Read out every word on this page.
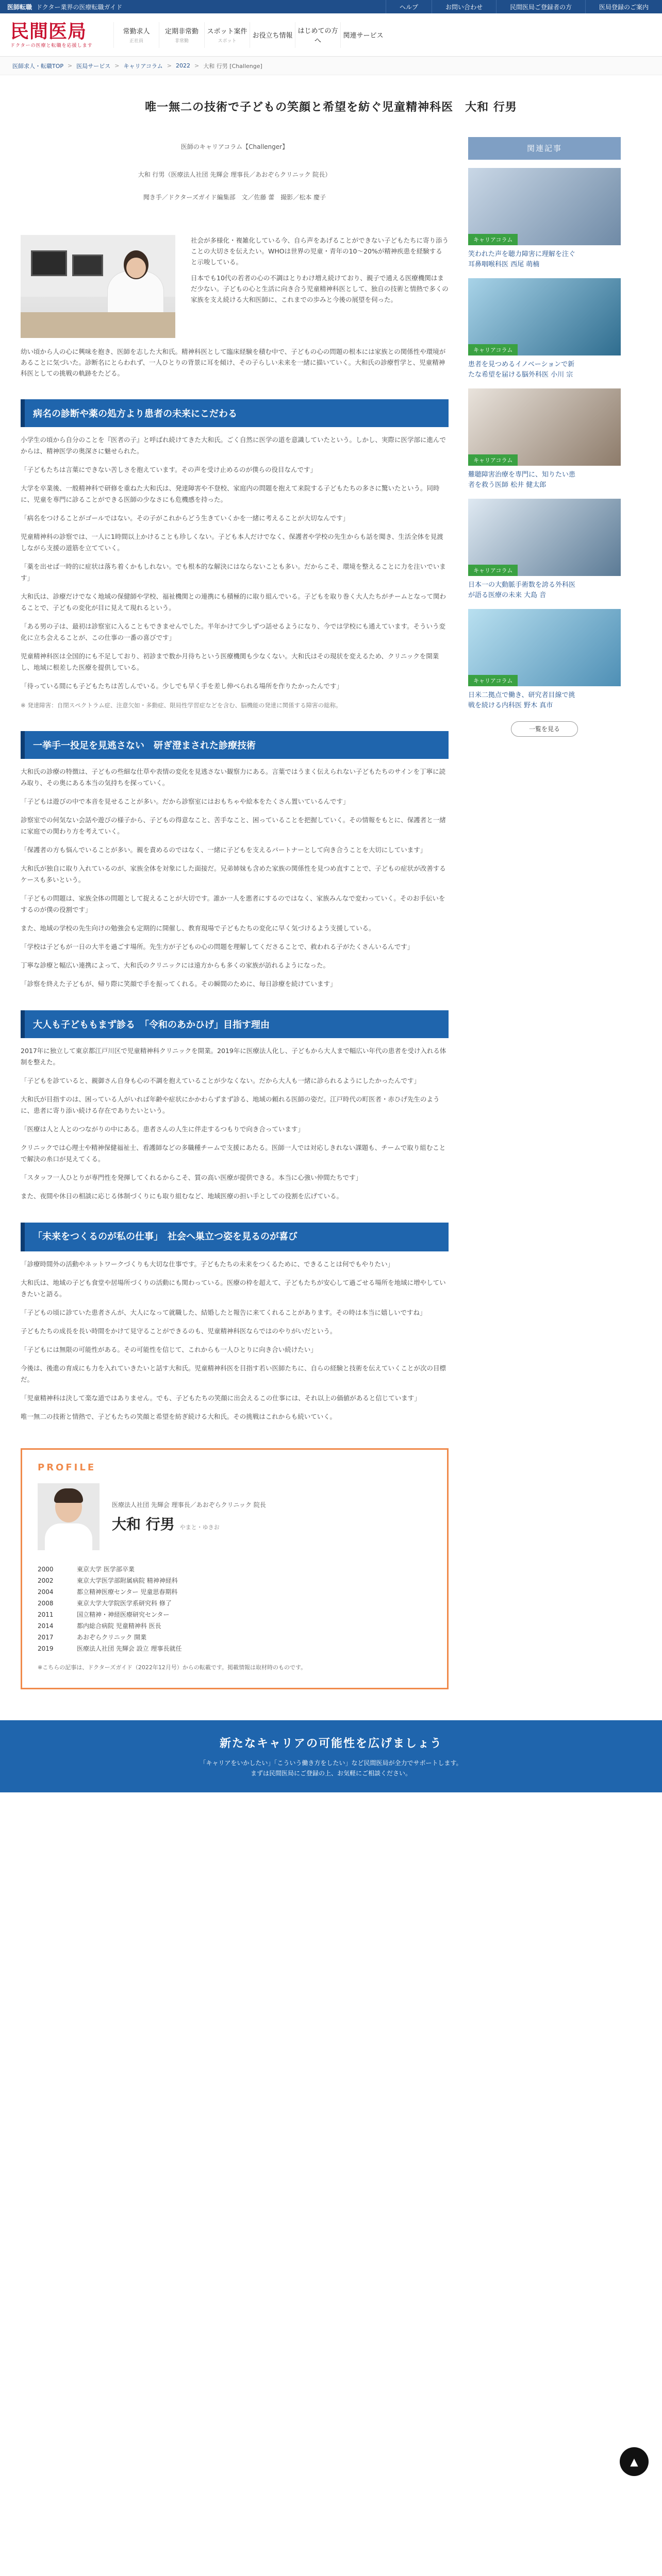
医師転職 ドクター業界の医療転職ガイド	ヘルプ	お問い合わせ	民間医局ご登録者の方	医局登録のご案内
民間医局
ドクターの医療と転職を応援します
常勤求人
正社員
定期非常勤
非常勤
スポット案件
スポット
お役立ち情報
はじめての方へ
関連サービス
医師求人・転職TOP > 医局サービス > キャリアコラム > 2022 > 大和 行男 [Challenge]
唯一無二の技術で子どもの笑顔と希望を紡ぐ児童精神科医　大和 行男
医師のキャリアコラム【Challenger】
大和 行男（医療法人社団 先輝会 理事長／あおぞらクリニック 院長）
聞き手／ドクターズガイド編集部　文／佐藤 蕾　撮影／松本 慶子

社会が多様化・複雑化している今、自ら声をあげることができない子どもたちに寄り添うことの大切さを伝えたい。WHOは世界の児童・青年の10〜20%が精神疾患を経験すると示唆している。

日本でも10代の若者の心の不調はとりわけ増え続けており、親子で通える医療機関はまだ少ない。子どもの心と生活に向き合う児童精神科医として、独自の技術と情熱で多くの家族を支え続ける大和医師に、これまでの歩みと今後の展望を伺った。

幼い頃から人の心に興味を抱き、医師を志した大和氏。精神科医として臨床経験を積む中で、子どもの心の問題の根本には家族との関係性や環境があることに気づいた。診断名にとらわれず、一人ひとりの背景に耳を傾け、その子らしい未来を一緒に描いていく。大和氏の診療哲学と、児童精神科医としての挑戦の軌跡をたどる。

病名の診断や薬の処方より患者の未来にこだわる

小学生の頃から自分のことを『医者の子』と呼ばれ続けてきた大和氏。ごく自然に医学の道を意識していたという。しかし、実際に医学部に進んでからは、精神医学の奥深さに魅せられた。

「子どもたちは言葉にできない苦しさを抱えています。その声を受け止めるのが僕らの役目なんです」

大学を卒業後、一般精神科で研修を重ねた大和氏は、発達障害や不登校、家庭内の問題を抱えて来院する子どもたちの多さに驚いたという。同時に、児童を専門に診ることができる医師の少なさにも危機感を持った。

「病名をつけることがゴールではない。その子がこれからどう生きていくかを一緒に考えることが大切なんです」

児童精神科の診察では、一人に1時間以上かけることも珍しくない。子ども本人だけでなく、保護者や学校の先生からも話を聞き、生活全体を見渡しながら支援の道筋を立てていく。

「薬を出せば一時的に症状は落ち着くかもしれない。でも根本的な解決にはならないことも多い。だからこそ、環境を整えることに力を注いでいます」

大和氏は、診療だけでなく地域の保健師や学校、福祉機関との連携にも積極的に取り組んでいる。子どもを取り巻く大人たちがチームとなって関わることで、子どもの変化が目に見えて現れるという。

「ある男の子は、最初は診察室に入ることもできませんでした。半年かけて少しずつ話せるようになり、今では学校にも通えています。そういう変化に立ち会えることが、この仕事の一番の喜びです」

児童精神科医は全国的にも不足しており、初診まで数か月待ちという医療機関も少なくない。大和氏はその現状を変えるため、クリニックを開業し、地域に根差した医療を提供している。

「待っている間にも子どもたちは苦しんでいる。少しでも早く手を差し伸べられる場所を作りたかったんです」

※ 発達障害：自閉スペクトラム症、注意欠如・多動症、限局性学習症などを含む、脳機能の発達に関係する障害の総称。

一挙手一投足を見逃さない　研ぎ澄まされた診療技術

大和氏の診療の特徴は、子どもの些細な仕草や表情の変化を見逃さない観察力にある。言葉ではうまく伝えられない子どもたちのサインを丁寧に読み取り、その奥にある本当の気持ちを探っていく。

「子どもは遊びの中で本音を見せることが多い。だから診察室にはおもちゃや絵本をたくさん置いているんです」

診察室での何気ない会話や遊びの様子から、子どもの得意なこと、苦手なこと、困っていることを把握していく。その情報をもとに、保護者と一緒に家庭での関わり方を考えていく。

「保護者の方も悩んでいることが多い。親を責めるのではなく、一緒に子どもを支えるパートナーとして向き合うことを大切にしています」

大和氏が独自に取り入れているのが、家族全体を対象にした面接だ。兄弟姉妹も含めた家族の関係性を見つめ直すことで、子どもの症状が改善するケースも多いという。

「子どもの問題は、家族全体の問題として捉えることが大切です。誰か一人を悪者にするのではなく、家族みんなで変わっていく。そのお手伝いをするのが僕の役割です」

また、地域の学校の先生向けの勉強会も定期的に開催し、教育現場で子どもたちの変化に早く気づけるよう支援している。

「学校は子どもが一日の大半を過ごす場所。先生方が子どもの心の問題を理解してくださることで、救われる子がたくさんいるんです」

丁寧な診療と幅広い連携によって、大和氏のクリニックには遠方からも多くの家族が訪れるようになった。

「診察を終えた子どもが、帰り際に笑顔で手を振ってくれる。その瞬間のために、毎日診療を続けています」

大人も子どももまず診る　「令和のあかひげ」目指す理由

2017年に独立して東京都江戸川区で児童精神科クリニックを開業。2019年に医療法人化し、子どもから大人まで幅広い年代の患者を受け入れる体制を整えた。

「子どもを診ていると、親御さん自身も心の不調を抱えていることが少なくない。だから大人も一緒に診られるようにしたかったんです」

大和氏が目指すのは、困っている人がいれば年齢や症状にかかわらずまず診る、地域の頼れる医師の姿だ。江戸時代の町医者・赤ひげ先生のように、患者に寄り添い続ける存在でありたいという。

「医療は人と人とのつながりの中にある。患者さんの人生に伴走するつもりで向き合っています」

クリニックでは心理士や精神保健福祉士、看護師などの多職種チームで支援にあたる。医師一人では対応しきれない課題も、チームで取り組むことで解決の糸口が見えてくる。

「スタッフ一人ひとりが専門性を発揮してくれるからこそ、質の高い医療が提供できる。本当に心強い仲間たちです」

また、夜間や休日の相談に応じる体制づくりにも取り組むなど、地域医療の担い手としての役割を広げている。

「未来をつくるのが私の仕事」　社会へ巣立つ姿を見るのが喜び

「診療時間外の活動やネットワークづくりも大切な仕事です。子どもたちの未来をつくるために、できることは何でもやりたい」

大和氏は、地域の子ども食堂や居場所づくりの活動にも関わっている。医療の枠を超えて、子どもたちが安心して過ごせる場所を地域に増やしていきたいと語る。

「子どもの頃に診ていた患者さんが、大人になって就職した、結婚したと報告に来てくれることがあります。その時は本当に嬉しいですね」

子どもたちの成長を長い時間をかけて見守ることができるのも、児童精神科医ならではのやりがいだという。

「子どもには無限の可能性がある。その可能性を信じて、これからも一人ひとりに向き合い続けたい」

今後は、後進の育成にも力を入れていきたいと話す大和氏。児童精神科医を目指す若い医師たちに、自らの経験と技術を伝えていくことが次の目標だ。

「児童精神科は決して楽な道ではありません。でも、子どもたちの笑顔に出会えるこの仕事には、それ以上の価値があると信じています」

唯一無二の技術と情熱で、子どもたちの笑顔と希望を紡ぎ続ける大和氏。その挑戦はこれからも続いていく。

PROFILE
医療法人社団 先輝会 理事長／あおぞらクリニック 院長
大和 行男 やまと・ゆきお
2000	東京大学 医学部卒業
2002	東京大学医学部附属病院 精神神経科
2004	都立精神医療センター 児童思春期科
2008	東京大学大学院医学系研究科 修了
2011	国立精神・神経医療研究センター
2014	都内総合病院 児童精神科 医長
2017	あおぞらクリニック 開業
2019	医療法人社団 先輝会 設立 理事長就任
※こちらの記事は、ドクターズガイド（2022年12月号）からの転載です。掲載情報は取材時のものです。
関連記事
キャリアコラム
笑われた声を聴力障害に理解を注ぐ耳鼻咽喉科医 西尾 萌楠
キャリアコラム
患者を見つめるイノベーションで新たな希望を届ける脳外科医 小川 宗
キャリアコラム
難聴障害治療を専門に、知りたい患者を救う医師 松井 健太郎
キャリアコラム
日本一の大動脈手術数を誇る外科医が語る医療の未来 大島 音
キャリアコラム
日米二拠点で働き、研究者目線で挑戦を続ける内科医 野木 真市
一覧を見る
新たなキャリアの可能性を広げましょう
「キャリアをいかしたい」「こういう働き方をしたい」など民間医局が全力でサポートします。
まずは民間医局にご登録の上、お気軽にご相談ください。
▲
